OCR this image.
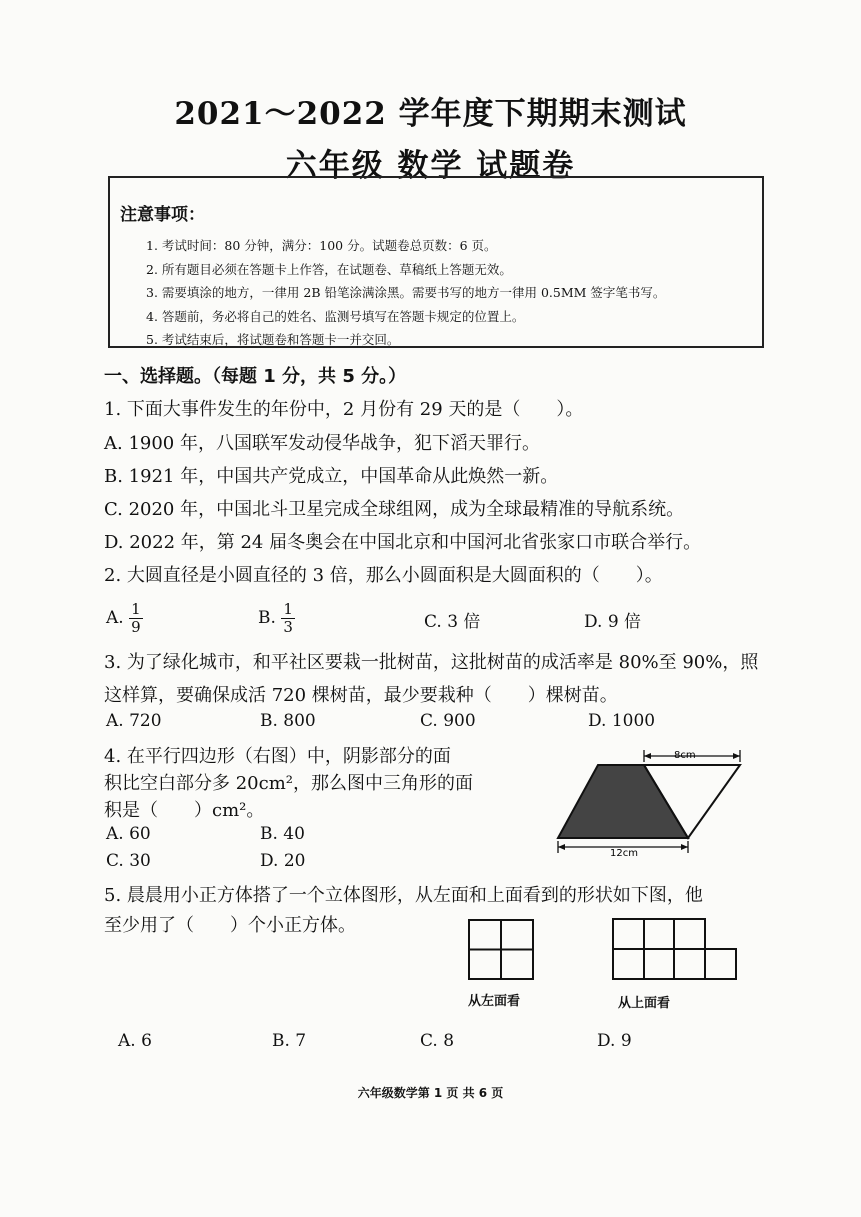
2021～2022 学年度下期期末测试
六年级 数学 试题卷
注意事项：
1. 考试时间：80 分钟，满分：100 分。试题卷总页数：6 页。
2. 所有题目必须在答题卡上作答，在试题卷、草稿纸上答题无效。
3. 需要填涂的地方，一律用 2B 铅笔涂满涂黑。需要书写的地方一律用 0.5MM 签字笔书写。
4. 答题前，务必将自己的姓名、监测号填写在答题卡规定的位置上。
5. 考试结束后，将试题卷和答题卡一并交回。
一、选择题。（每题 1 分，共 5 分。）
1. 下面大事件发生的年份中，2 月份有 29 天的是（　　）。
A. 1900 年，八国联军发动侵华战争，犯下滔天罪行。
B. 1921 年，中国共产党成立，中国革命从此焕然一新。
C. 2020 年，中国北斗卫星完成全球组网，成为全球最精准的导航系统。
D. 2022 年，第 24 届冬奥会在中国北京和中国河北省张家口市联合举行。
2. 大圆直径是小圆直径的 3 倍，那么小圆面积是大圆面积的（　　）。
A. $\frac{1}{9}$	B. $\frac{1}{3}$	C. 3 倍	D. 9 倍
3. 为了绿化城市，和平社区要栽一批树苗，这批树苗的成活率是 80%至 90%，照
这样算，要确保成活 720 棵树苗，最少要栽种（　　）棵树苗。
A. 720	B. 800	C. 900	D. 1000
4. 在平行四边形（右图）中，阴影部分的面
积比空白部分多 20cm²，那么图中三角形的面
积是（　　）cm²。
A. 60	B. 40
C. 30	D. 20
8cm
12cm
5. 晨晨用小正方体搭了一个立体图形，从左面和上面看到的形状如下图，他
至少用了（　　）个小正方体。
从左面看	从上面看
A. 6	B. 7	C. 8	D. 9
六年级数学第 1 页 共 6 页
